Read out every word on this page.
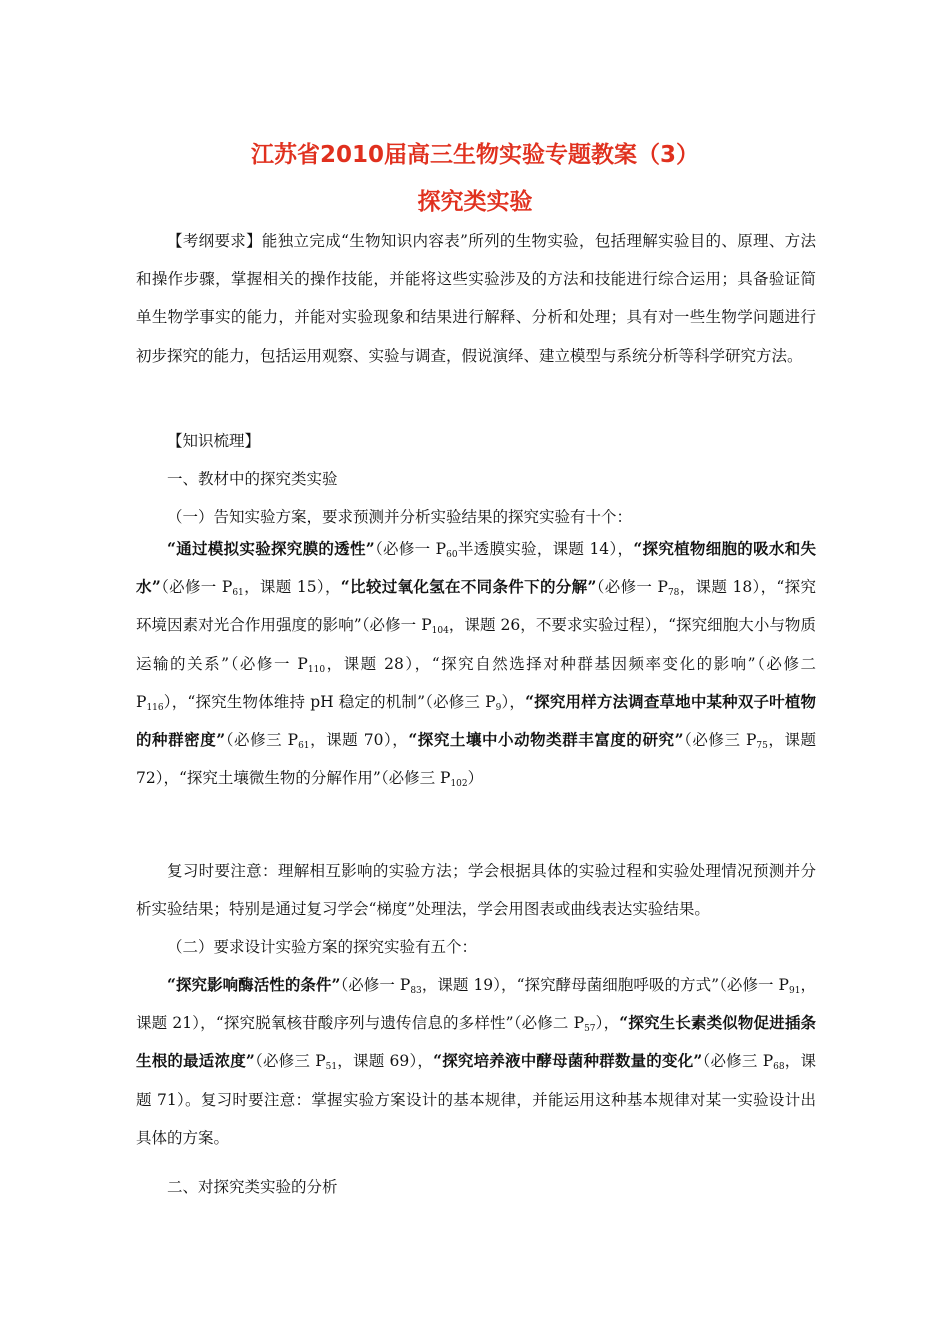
江苏省2010届高三生物实验专题教案（3）
探究类实验

【考纲要求】能独立完成“生物知识内容表”所列的生物实验，包括理解实验目的、原理、方法和操作步骤，掌握相关的操作技能，并能将这些实验涉及的方法和技能进行综合运用；具备验证简单生物学事实的能力，并能对实验现象和结果进行解释、分析和处理；具有对一些生物学问题进行初步探究的能力，包括运用观察、实验与调查，假说演绎、建立模型与系统分析等科学研究方法。

【知识梳理】

一、教材中的探究类实验

（一）告知实验方案，要求预测并分析实验结果的探究实验有十个：

“通过模拟实验探究膜的透性”（必修一 $P_{60}$半透膜实验，课题 14），“探究植物细胞的吸水和失水”（必修一 $P_{61}$，课题 15），“比较过氧化氢在不同条件下的分解”（必修一 $P_{78}$，课题 18），“探究环境因素对光合作用强度的影响”（必修一 $P_{104}$，课题 26，不要求实验过程），“探究细胞大小与物质运输的关系”（必修一 $P_{110}$，课题 28），“探究自然选择对种群基因频率变化的影响”（必修二 $P_{116}$），“探究生物体维持 pH 稳定的机制”（必修三 $P_9$），“探究用样方法调查草地中某种双子叶植物的种群密度”（必修三 $P_{61}$，课题 70），“探究土壤中小动物类群丰富度的研究”（必修三 $P_{75}$，课题 72），“探究土壤微生物的分解作用”（必修三 $P_{102}$）

复习时要注意：理解相互影响的实验方法；学会根据具体的实验过程和实验处理情况预测并分析实验结果；特别是通过复习学会“梯度”处理法，学会用图表或曲线表达实验结果。

（二）要求设计实验方案的探究实验有五个：

“探究影响酶活性的条件”（必修一 $P_{83}$，课题 19），“探究酵母菌细胞呼吸的方式”（必修一 $P_{91}$，课题 21），“探究脱氧核苷酸序列与遗传信息的多样性”（必修二 $P_{57}$），“探究生长素类似物促进插条生根的最适浓度”（必修三 $P_{51}$，课题 69），“探究培养液中酵母菌种群数量的变化”（必修三 $P_{68}$，课题 71）。复习时要注意：掌握实验方案设计的基本规律，并能运用这种基本规律对某一实验设计出具体的方案。

二、对探究类实验的分析
